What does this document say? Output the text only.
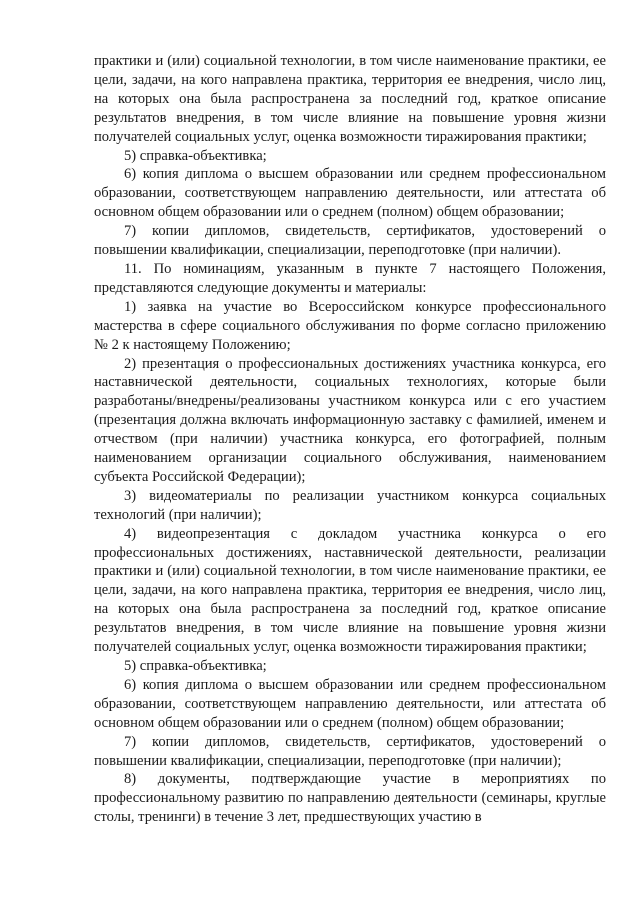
практики и (или) социальной технологии, в том числе наименование практики, ее цели, задачи, на кого направлена практика, территория ее внедрения, число лиц, на которых она была распространена за последний год, краткое описание результатов внедрения, в том числе влияние на повышение уровня жизни получателей социальных услуг, оценка возможности тиражирования практики;

5) справка-объективка;

6) копия диплома о высшем образовании или среднем профессиональном образовании, соответствующем направлению деятельности, или аттестата об основном общем образовании или о среднем (полном) общем образовании;

7) копии дипломов, свидетельств, сертификатов, удостоверений о повышении квалификации, специализации, переподготовке (при наличии).

11. По номинациям, указанным в пункте 7 настоящего Положения, представляются следующие документы и материалы:

1) заявка на участие во Всероссийском конкурсе профессионального мастерства в сфере социального обслуживания по форме согласно приложению № 2 к настоящему Положению;

2) презентация о профессиональных достижениях участника конкурса, его наставнической деятельности, социальных технологиях, которые были разработаны/внедрены/реализованы участником конкурса или с его участием (презентация должна включать информационную заставку с фамилией, именем и отчеством (при наличии) участника конкурса, его фотографией, полным наименованием организации социального обслуживания, наименованием субъекта Российской Федерации);

3) видеоматериалы по реализации участником конкурса социальных технологий (при наличии);

4) видеопрезентация с докладом участника конкурса о его профессиональных достижениях, наставнической деятельности, реализации практики и (или) социальной технологии, в том числе наименование практики, ее цели, задачи, на кого направлена практика, территория ее внедрения, число лиц, на которых она была распространена за последний год, краткое описание результатов внедрения, в том числе влияние на повышение уровня жизни получателей социальных услуг, оценка возможности тиражирования практики;

5) справка-объективка;

6) копия диплома о высшем образовании или среднем профессиональном образовании, соответствующем направлению деятельности, или аттестата об основном общем образовании или о среднем (полном) общем образовании;

7) копии дипломов, свидетельств, сертификатов, удостоверений о повышении квалификации, специализации, переподготовке (при наличии);

8) документы, подтверждающие участие в мероприятиях по профессиональному развитию по направлению деятельности (семинары, круглые столы, тренинги) в течение 3 лет, предшествующих участию в
